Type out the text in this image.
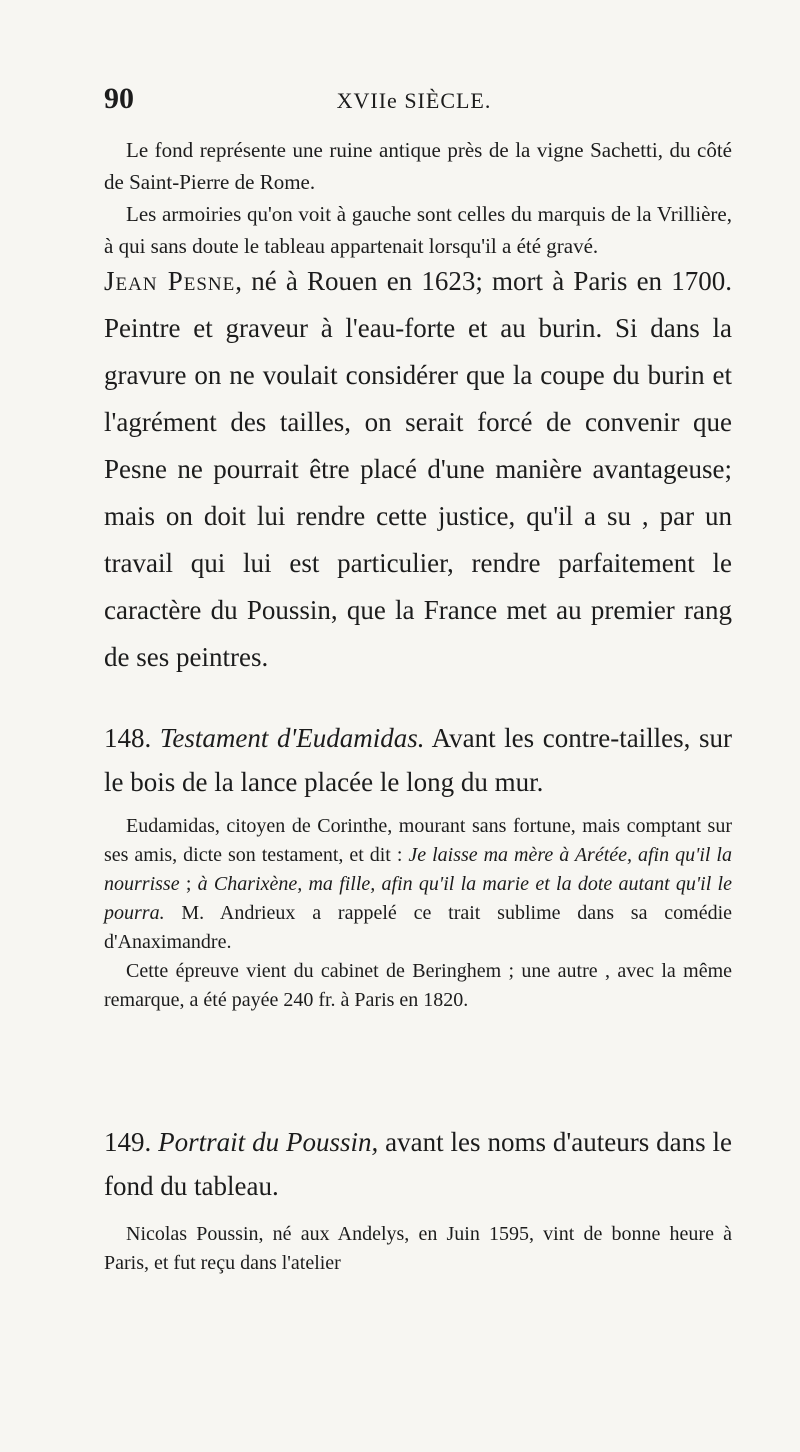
90	XVIIe SIÈCLE.

Le fond représente une ruine antique près de la vigne Sachetti, du côté de Saint-Pierre de Rome.

Les armoiries qu'on voit à gauche sont celles du marquis de la Vrillière, à qui sans doute le tableau appartenait lorsqu'il a été gravé.

Jean Pesne, né à Rouen en 1623; mort à Paris en 1700. Peintre et graveur à l'eau-forte et au burin. Si dans la gravure on ne voulait considérer que la coupe du burin et l'agrément des tailles, on serait forcé de convenir que Pesne ne pourrait être placé d'une manière avantageuse; mais on doit lui rendre cette justice, qu'il a su , par un travail qui lui est particulier, rendre parfaitement le caractère du Poussin, que la France met au premier rang de ses peintres.

148. Testament d'Eudamidas. Avant les contre-tailles, sur le bois de la lance placée le long du mur.

Eudamidas, citoyen de Corinthe, mourant sans fortune, mais comptant sur ses amis, dicte son testament, et dit : Je laisse ma mère à Arétée, afin qu'il la nourrisse ; à Charixène, ma fille, afin qu'il la marie et la dote autant qu'il le pourra. M. Andrieux a rappelé ce trait sublime dans sa comédie d'Anaximandre.

Cette épreuve vient du cabinet de Beringhem ; une autre , avec la même remarque, a été payée 240 fr. à Paris en 1820.

149. Portrait du Poussin, avant les noms d'auteurs dans le fond du tableau.

Nicolas Poussin, né aux Andelys, en Juin 1595, vint de bonne heure à Paris, et fut reçu dans l'atelier
